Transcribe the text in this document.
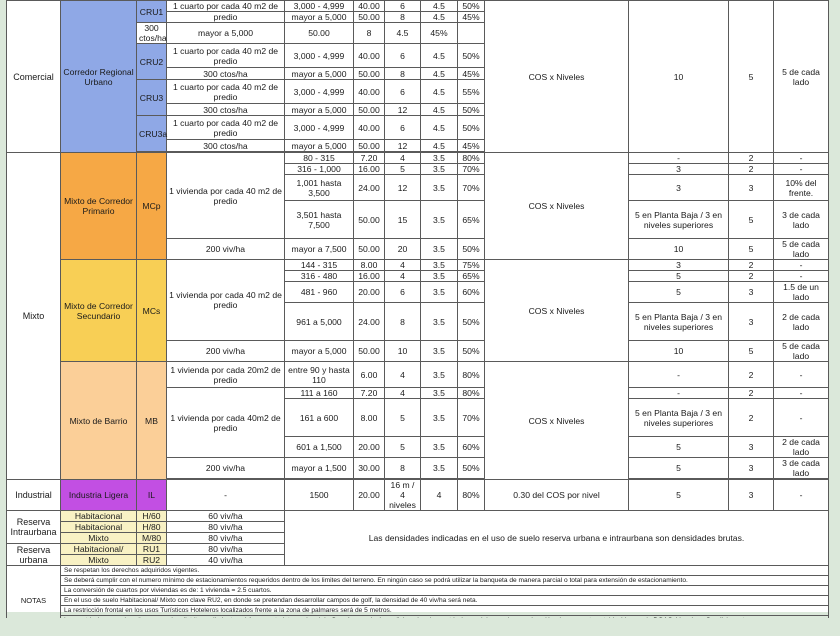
Comercial	Corredor Regional Urbano	CRU1	1 cuarto por cada 40 m2 de	3,000 - 4,999	40.00	6	4.5	50%	COS x Niveles	10	5	5 de cada lado
			predio	mayor a 5,000	50.00	8	4.5	45%				
		300 ctos/ha	mayor a 5,000	50.00	8	4.5	45%					
		CRU2	1 cuarto por cada 40 m2 de predio	3,000 - 4,999	40.00	6	4.5	50%				
			300 ctos/ha	mayor a 5,000	50.00	8	4.5	45%				
		CRU3	1 cuarto por cada 40 m2 de predio	3,000 - 4,999	40.00	6	4.5	55%				
			300 ctos/ha	mayor a 5,000	50.00	12	4.5	50%				
		CRU3a	1 cuarto por cada 40 m2 de predio	3,000 - 4,999	40.00	6	4.5	50%				
			300 ctos/ha	mayor a 5,000	50.00	12	4.5	45%				

Mixto	Mixto de Corredor Primario	MCp	1 vivienda por cada 40 m2 de predio	80 - 315	7.20	4	3.5	80%	COS x Niveles	-	2	-
				316 - 1,000	16.00	5	3.5	70%		3	2	-
				1,001 hasta 3,500	24.00	12	3.5	70%		3	3	10% del frente.
				3,501 hasta 7,500	50.00	15	3.5	65%		5 en Planta Baja / 3 en niveles superiores	5	3 de cada lado
			200 viv/ha	mayor a 7,500	50.00	20	3.5	50%		10	5	5 de cada lado
	Mixto de Corredor Secundario	MCs	1 vivienda por cada 40 m2 de predio	144 - 315	8.00	4	3.5	75%	COS x Niveles	3	2	-
				316 - 480	16.00	4	3.5	65%		5	2	-
				481 - 960	20.00	6	3.5	60%		5	3	1.5 de un lado
				961 a 5,000	24.00	8	3.5	50%		5 en Planta Baja / 3 en niveles superiores	3	2 de cada lado
			200 viv/ha	mayor a 5,000	50.00	10	3.5	50%		10	5	5 de cada lado
	Mixto de Barrio	MB	1 vivienda por cada 20m2 de predio	entre 90 y hasta 110	6.00	4	3.5	80%	COS x Niveles	-	2	-
			1 vivienda por cada 40m2 de predio	111 a 160	7.20	4	3.5	80%		-	2	-
				161 a 600	8.00	5	3.5	70%		5 en Planta Baja / 3 en niveles superiores	2	-
				601 a 1,500	20.00	5	3.5	60%		5	3	2 de cada lado
			200 viv/ha	mayor a 1,500	30.00	8	3.5	50%		5	3	3 de cada lado

Industrial	Industria Ligera	IL	-	1500	20.00	16 m / 4 niveles	4	80%	0.30 del COS por nivel	5	3	-
Reserva Intraurbana	Habitacional	H/60	60 viv/ha	Las densidades indicadas en el uso de suelo reserva urbana e intraurbana son densidades brutas.								
	Habitacional	H/80	80 viv/ha									
	Mixto	M/80	80 viv/ha									
Reserva urbana	Habitacional/	RU1	80 viv/ha									
	Mixto	RU2	40 viv/ha									
NOTAS	Se respetan los derechos adquiridos vigentes.											
	Se deberá cumplir con el numero mínimo de estacionamientos requeridos dentro de los limites del terreno. En ningún caso se podrá utilizar la banqueta de manera parcial o total para extensión de estacionamiento.											
	La conversión de cuartos por viviendas es de: 1 vivienda = 2.5 cuartos.											
	En el uso de suelo Habitacional/ Mixto con clave RU2, en donde se pretendan desarrollar campos de golf, la densidad de 40 viv/ha será neta.											
	La restricción frontal en los usos Turísticos Hoteleros localizados frente a la zona de palmares será de 5 metros.											
